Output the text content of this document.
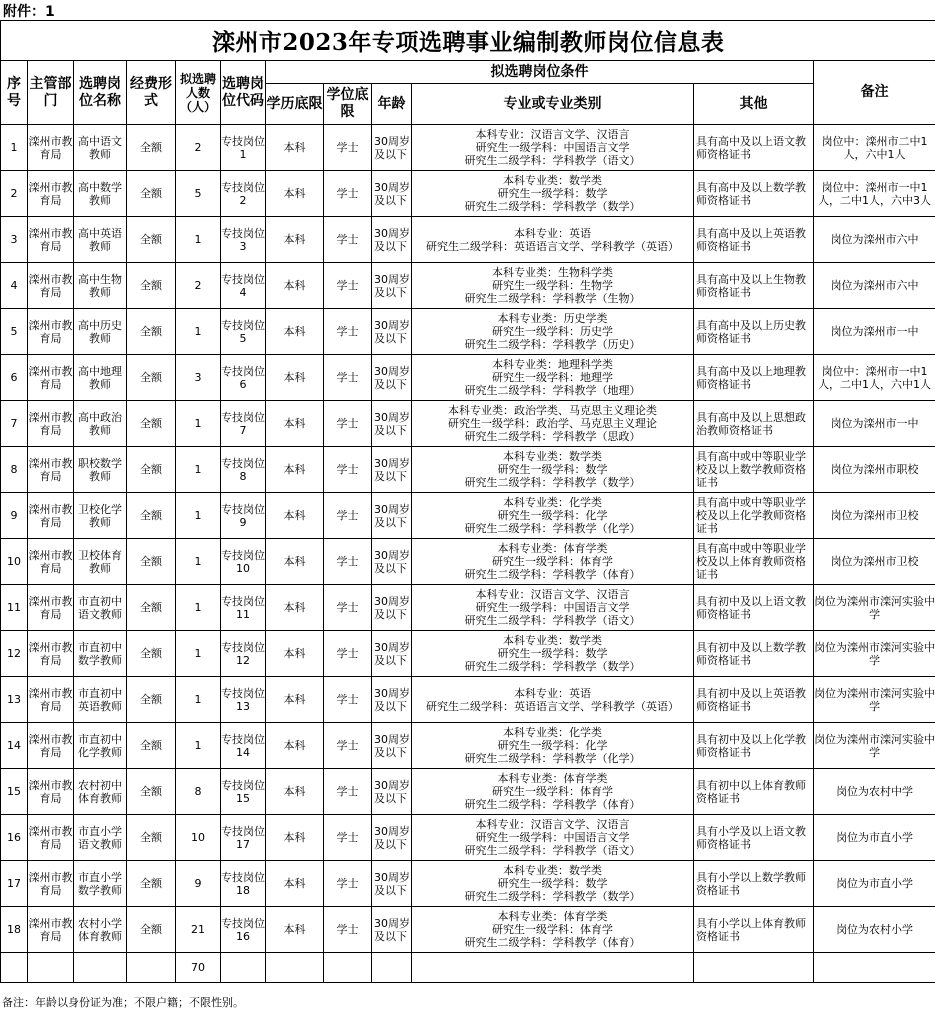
附件：1
滦州市2023年专项选聘事业编制教师岗位信息表											
序号	主管部门	选聘岗位名称	经费形式	拟选聘人数（人）	选聘岗位代码	拟选聘岗位条件					备注
						学历底限	学位底限	年龄	专业或专业类别	其他	
1	滦州市教育局	高中语文教师	全额	2	专技岗位1	本科	学士	30周岁及以下	本科专业：汉语言文学、汉语言
研究生一级学科：中国语言文学
研究生二级学科：学科教学（语文）	具有高中及以上语文教师资格证书	岗位中：滦州市二中1人，六中1人
2	滦州市教育局	高中数学教师	全额	5	专技岗位2	本科	学士	30周岁及以下	本科专业类：数学类
研究生一级学科：数学
研究生二级学科：学科教学（数学）	具有高中及以上数学教师资格证书	岗位中：滦州市一中1人，二中1人，六中3人
3	滦州市教育局	高中英语教师	全额	1	专技岗位3	本科	学士	30周岁及以下	本科专业：英语
研究生二级学科：英语语言文学、学科教学（英语）	具有高中及以上英语教师资格证书	岗位为滦州市六中
4	滦州市教育局	高中生物教师	全额	2	专技岗位4	本科	学士	30周岁及以下	本科专业类：生物科学类
研究生一级学科：生物学
研究生二级学科：学科教学（生物）	具有高中及以上生物教师资格证书	岗位为滦州市六中
5	滦州市教育局	高中历史教师	全额	1	专技岗位5	本科	学士	30周岁及以下	本科专业类：历史学类
研究生一级学科：历史学
研究生二级学科：学科教学（历史）	具有高中及以上历史教师资格证书	岗位为滦州市一中
6	滦州市教育局	高中地理教师	全额	3	专技岗位6	本科	学士	30周岁及以下	本科专业类：地理科学类
研究生一级学科：地理学
研究生二级学科：学科教学（地理）	具有高中及以上地理教师资格证书	岗位中：滦州市一中1人，二中1人，六中1人
7	滦州市教育局	高中政治教师	全额	1	专技岗位7	本科	学士	30周岁及以下	本科专业类：政治学类、马克思主义理论类
研究生一级学科：政治学、马克思主义理论
研究生二级学科：学科教学（思政）	具有高中及以上思想政治教师资格证书	岗位为滦州市一中
8	滦州市教育局	职校数学教师	全额	1	专技岗位8	本科	学士	30周岁及以下	本科专业类：数学类
研究生一级学科：数学
研究生二级学科：学科教学（数学）	具有高中或中等职业学校及以上数学教师资格证书	岗位为滦州市职校
9	滦州市教育局	卫校化学教师	全额	1	专技岗位9	本科	学士	30周岁及以下	本科专业类：化学类
研究生一级学科：化学
研究生二级学科：学科教学（化学）	具有高中或中等职业学校及以上化学教师资格证书	岗位为滦州市卫校
10	滦州市教育局	卫校体育教师	全额	1	专技岗位10	本科	学士	30周岁及以下	本科专业类：体育学类
研究生一级学科：体育学
研究生二级学科：学科教学（体育）	具有高中或中等职业学校及以上体育教师资格证书	岗位为滦州市卫校
11	滦州市教育局	市直初中语文教师	全额	1	专技岗位11	本科	学士	30周岁及以下	本科专业：汉语言文学、汉语言
研究生一级学科：中国语言文学
研究生二级学科：学科教学（语文）	具有初中及以上语文教师资格证书	岗位为滦州市滦河实验中学
12	滦州市教育局	市直初中数学教师	全额	1	专技岗位12	本科	学士	30周岁及以下	本科专业类：数学类
研究生一级学科：数学
研究生二级学科：学科教学（数学）	具有初中及以上数学教师资格证书	岗位为滦州市滦河实验中学
13	滦州市教育局	市直初中英语教师	全额	1	专技岗位13	本科	学士	30周岁及以下	本科专业：英语
研究生二级学科：英语语言文学、学科教学（英语）	具有初中及以上英语教师资格证书	岗位为滦州市滦河实验中学
14	滦州市教育局	市直初中化学教师	全额	1	专技岗位14	本科	学士	30周岁及以下	本科专业类：化学类
研究生一级学科：化学
研究生二级学科：学科教学（化学）	具有初中及以上化学教师资格证书	岗位为滦州市滦河实验中学
15	滦州市教育局	农村初中体育教师	全额	8	专技岗位15	本科	学士	30周岁及以下	本科专业类：体育学类
研究生一级学科：体育学
研究生二级学科：学科教学（体育）	具有初中以上体育教师资格证书	岗位为农村中学
16	滦州市教育局	市直小学语文教师	全额	10	专技岗位17	本科	学士	30周岁及以下	本科专业：汉语言文学、汉语言
研究生一级学科：中国语言文学
研究生二级学科：学科教学（语文）	具有小学及以上语文教师资格证书	岗位为市直小学
17	滦州市教育局	市直小学数学教师	全额	9	专技岗位18	本科	学士	30周岁及以下	本科专业类：数学类
研究生一级学科：数学
研究生二级学科：学科教学（数学）	具有小学以上数学教师资格证书	岗位为市直小学
18	滦州市教育局	农村小学体育教师	全额	21	专技岗位16	本科	学士	30周岁及以下	本科专业类：体育学类
研究生一级学科：体育学
研究生二级学科：学科教学（体育）	具有小学以上体育教师资格证书	岗位为农村小学
				70							
备注：年龄以身份证为准；不限户籍；不限性别。
